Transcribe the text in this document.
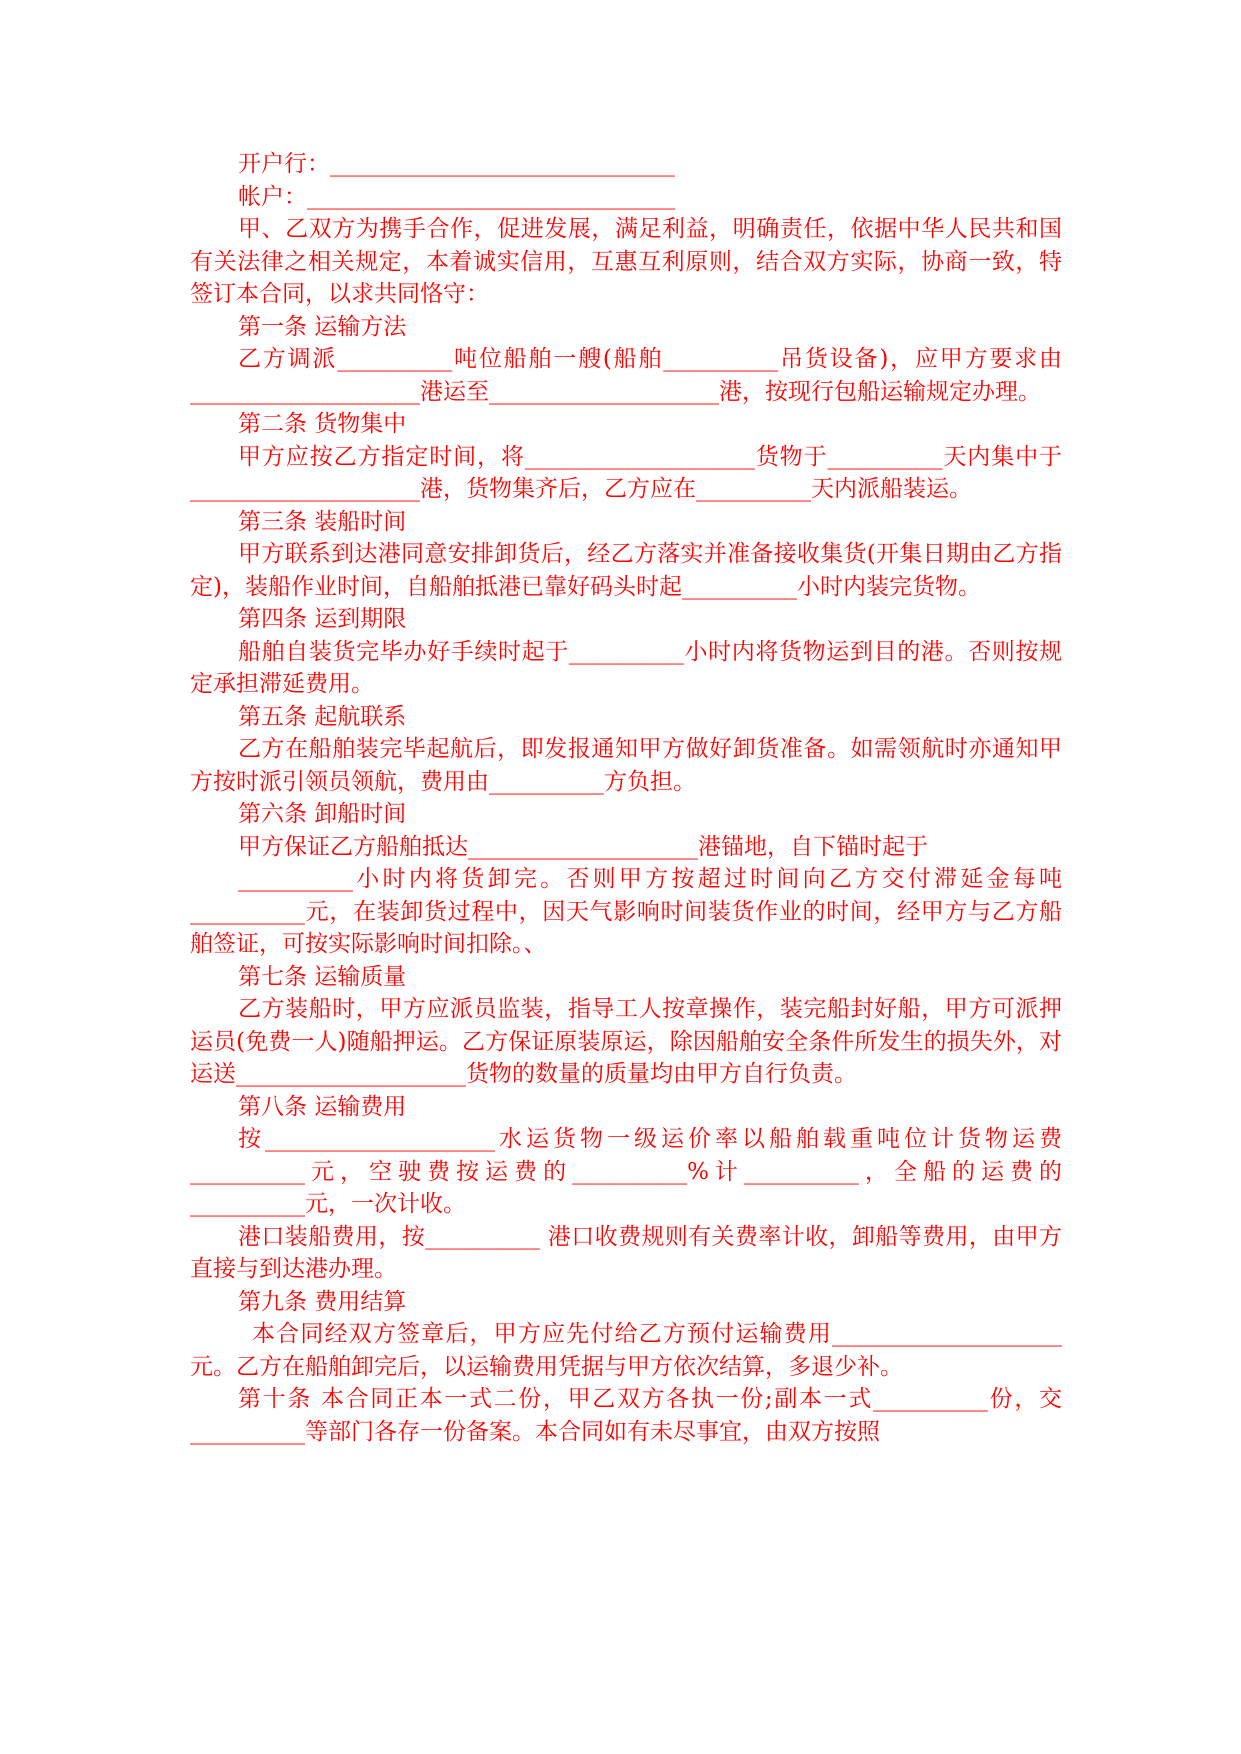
开户行：______________________________

帐户：________________________________

甲、乙双方为携手合作，促进发展，满足利益，明确责任，依据中华人民共和国有关法律之相关规定，本着诚实信用，互惠互利原则，结合双方实际，协商一致，特签订本合同，以求共同恪守：

第一条 运输方法

乙方调派__________吨位船舶一艘(船舶__________吊货设备)，应甲方要求由____________________港运至____________________港，按现行包船运输规定办理。

第二条 货物集中

甲方应按乙方指定时间，将____________________货物于__________天内集中于____________________港，货物集齐后，乙方应在__________天内派船装运。

第三条 装船时间

甲方联系到达港同意安排卸货后，经乙方落实并准备接收集货(开集日期由乙方指定)，装船作业时间，自船舶抵港已靠好码头时起__________小时内装完货物。

第四条 运到期限

船舶自装货完毕办好手续时起于__________小时内将货物运到目的港。否则按规定承担滞延费用。

第五条 起航联系

乙方在船舶装完毕起航后，即发报通知甲方做好卸货准备。如需领航时亦通知甲方按时派引领员领航，费用由__________方负担。

第六条 卸船时间

甲方保证乙方船舶抵达____________________港锚地，自下锚时起于

__________小时内将货卸完。否则甲方按超过时间向乙方交付滞延金每吨__________元，在装卸货过程中，因天气影响时间装货作业的时间，经甲方与乙方船舶签证，可按实际影响时间扣除。、

第七条 运输质量

乙方装船时，甲方应派员监装，指导工人按章操作，装完船封好船，甲方可派押运员(免费一人)随船押运。乙方保证原装原运，除因船舶安全条件所发生的损失外，对运送____________________货物的数量的质量均由甲方自行负责。

第八条 运输费用

按____________________水运货物一级运价率以船舶载重吨位计货物运费__________元，空驶费按运费的__________%计__________，全船的运费的__________元，一次计收。

港口装船费用，按__________ 港口收费规则有关费率计收，卸船等费用，由甲方直接与到达港办理。

第九条 费用结算

本合同经双方签章后，甲方应先付给乙方预付运输费用____________________元。乙方在船舶卸完后，以运输费用凭据与甲方依次结算，多退少补。

第十条 本合同正本一式二份，甲乙双方各执一份;副本一式__________份，交__________等部门各存一份备案。本合同如有未尽事宜，由双方按照
